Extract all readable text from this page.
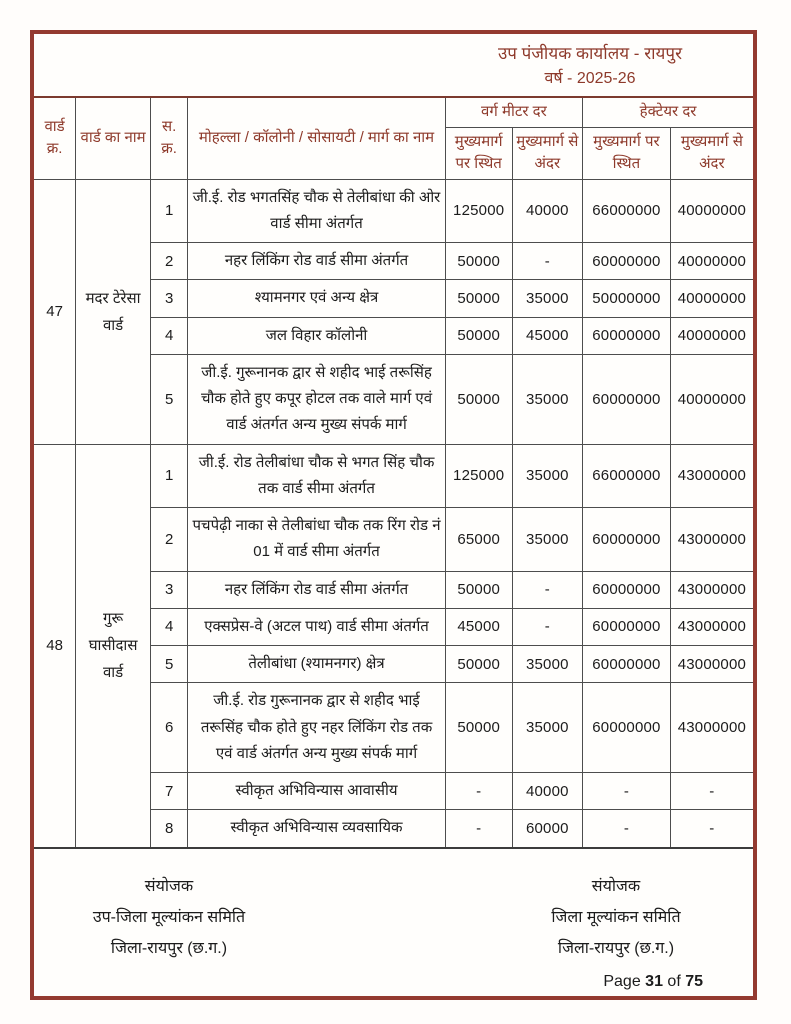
उप पंजीयक कार्यालय - रायपुर
वर्ष - 2025-26
वार्ड क्र.	वार्ड का नाम	स. क्र.	मोहल्ला / कॉलोनी / सोसायटी / मार्ग का नाम	वर्ग मीटर दर		हेक्टेयर दर	
				मुख्यमार्ग पर स्थित	मुख्यमार्ग से अंदर	मुख्यमार्ग पर स्थित	मुख्यमार्ग से अंदर
47	मदर टेरेसा वार्ड	1	जी.ई. रोड भगतसिंह चौक से तेलीबांधा की ओर वार्ड सीमा अंतर्गत	125000	40000	66000000	40000000
		2	नहर लिंकिंग रोड वार्ड सीमा अंतर्गत	50000	-	60000000	40000000
		3	श्यामनगर एवं अन्य क्षेत्र	50000	35000	50000000	40000000
		4	जल विहार कॉलोनी	50000	45000	60000000	40000000
		5	जी.ई. गुरूनानक द्वार से शहीद भाई तरूसिंह चौक होते हुए कपूर होटल तक वाले मार्ग एवं वार्ड अंतर्गत अन्य मुख्य संपर्क मार्ग	50000	35000	60000000	40000000
48	गुरू घासीदास वार्ड	1	जी.ई. रोड तेलीबांधा चौक से भगत सिंह चौक तक वार्ड सीमा अंतर्गत	125000	35000	66000000	43000000
		2	पचपेढ़ी नाका से तेलीबांधा चौक तक रिंग रोड नं 01 में वार्ड सीमा अंतर्गत	65000	35000	60000000	43000000
		3	नहर लिंकिंग रोड वार्ड सीमा अंतर्गत	50000	-	60000000	43000000
		4	एक्सप्रेस-वे (अटल पाथ) वार्ड सीमा अंतर्गत	45000	-	60000000	43000000
		5	तेलीबांधा (श्यामनगर) क्षेत्र	50000	35000	60000000	43000000
		6	जी.ई. रोड गुरूनानक द्वार से शहीद भाई तरूसिंह चौक होते हुए नहर लिंकिंग रोड तक एवं वार्ड अंतर्गत अन्य मुख्य संपर्क मार्ग	50000	35000	60000000	43000000
		7	स्वीकृत अभिविन्यास आवासीय	-	40000	-	-
		8	स्वीकृत अभिविन्यास व्यवसायिक	-	60000	-	-
संयोजक
उप-जिला मूल्यांकन समिति
जिला-रायपुर (छ.ग.)
संयोजक
जिला मूल्यांकन समिति
जिला-रायपुर (छ.ग.)
Page 31 of 75
